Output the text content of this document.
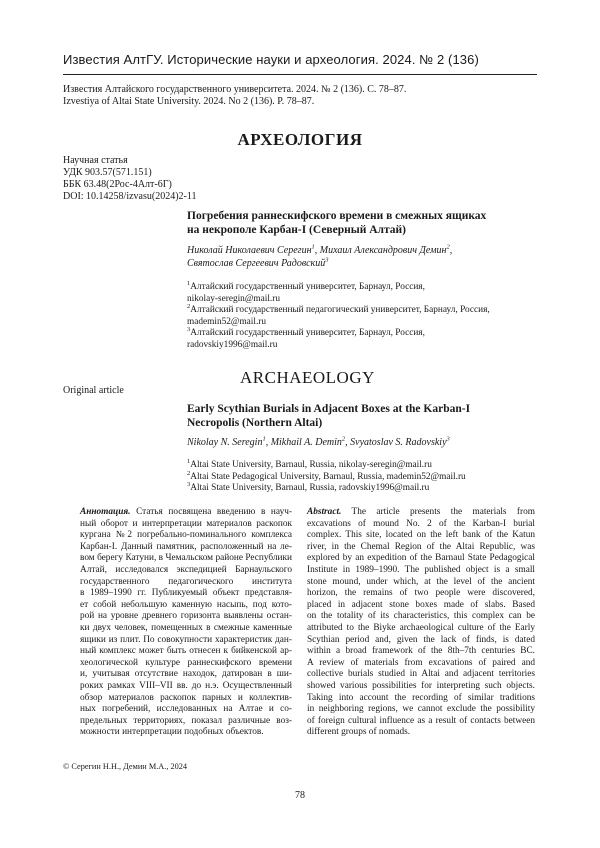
Известия АлтГУ. Исторические науки и археология. 2024. № 2 (136)
Известия Алтайского государственного университета. 2024. № 2 (136). С. 78–87.
Izvestiya of Altai State University. 2024. No 2 (136). P. 78–87.
АРХЕОЛОГИЯ
Научная статья
УДК 903.57(571.151)
ББК 63.48(2Рос-4Алт-6Г)
DOI: 10.14258/izvasu(2024)2-11
Погребения раннескифского времени в смежных ящиках
на некрополе Карбан-I (Северный Алтай)
Николай Николаевич Серегин$^1$, Михаил Александрович Демин$^2$,
Святослав Сергеевич Радовский$^3$
$^1$Алтайский государственный университет, Барнаул, Россия,
nikolay-seregin@mail.ru
$^2$Алтайский государственный педагогический университет, Барнаул, Россия,
mademin52@mail.ru
$^3$Алтайский государственный университет, Барнаул, Россия,
radovskiy1996@mail.ru
ARCHAEOLOGY
Original article
Early Scythian Burials in Adjacent Boxes at the Karban-I
Necropolis (Northern Altai)
Nikolay N. Seregin$^1$, Mikhail A. Demin$^2$, Svyatoslav S. Radovskiy$^3$
$^1$Altai State University, Barnaul, Russia, nikolay-seregin@mail.ru
$^2$Altai State Pedagogical University, Barnaul, Russia, mademin52@mail.ru
$^3$Altai State University, Barnaul, Russia, radovskiy1996@mail.ru
Аннотация. Статья посвящена введению в науч-
ный оборот и интерпретации материалов раскопок
кургана №2 погребально-поминального комплекса
Карбан-I. Данный памятник, расположенный на ле-
вом берегу Катуни, в Чемальском районе Республики
Алтай, исследовался экспедицией Барнаульского
государственного педагогического института
в 1989–1990 гг. Публикуемый объект представля-
ет собой небольшую каменную насыпь, под кото-
рой на уровне древнего горизонта выявлены остан-
ки двух человек, помещенных в смежные каменные
ящики из плит. По совокупности характеристик дан-
ный комплекс может быть отнесен к бийкенской ар-
хеологической культуре раннескифского времени
и, учитывая отсутствие находок, датирован в ши-
роких рамках VIII–VII вв. до н.э. Осуществленный
обзор материалов раскопок парных и коллектив-
ных погребений, исследованных на Алтае и со-
предельных территориях, показал различные воз-
можности интерпретации подобных объектов.
Abstract. The article presents the materials from
excavations of mound No. 2 of the Karban-I burial
complex. This site, located on the left bank of the Katun
river, in the Chemal Region of the Altai Republic, was
explored by an expedition of the Barnaul State Pedagogical
Institute in 1989–1990. The published object is a small
stone mound, under which, at the level of the ancient
horizon, the remains of two people were discovered,
placed in adjacent stone boxes made of slabs. Based
on the totality of its characteristics, this complex can be
attributed to the Biyke archaeological culture of the Early
Scythian period and, given the lack of finds, is dated
within a broad framework of the 8th–7th centuries BC.
A review of materials from excavations of paired and
collective burials studied in Altai and adjacent territories
showed various possibilities for interpreting such objects.
Taking into account the recording of similar traditions
in neighboring regions, we cannot exclude the possibility
of foreign cultural influence as a result of contacts between
different groups of nomads.
© Серегин Н.Н., Демин М.А., 2024
78
